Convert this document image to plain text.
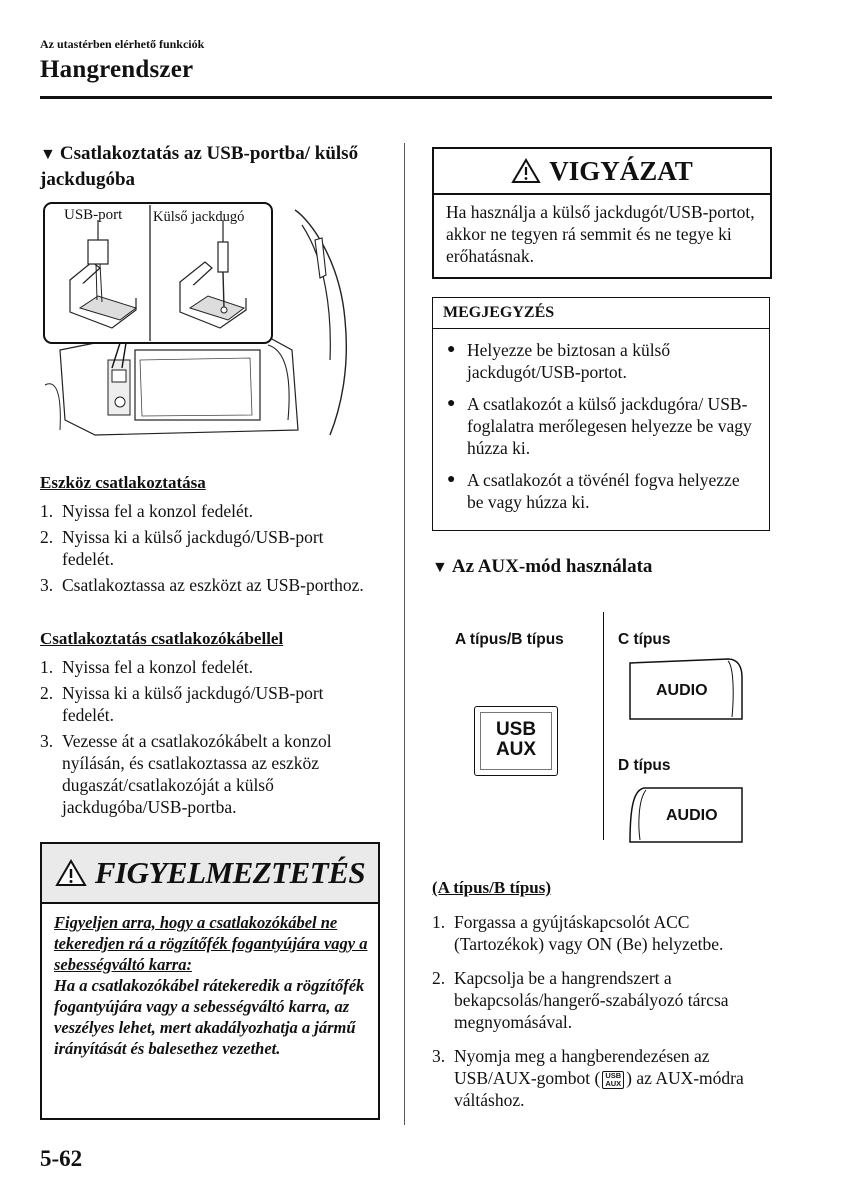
Az utastérben elérhető funkciók
Hangrendszer
▼ Csatlakoztatás az USB-portba/ külső jackdugóba
USB-port Külső jackdugó
Eszköz csatlakoztatása
1. Nyissa fel a konzol fedelét.
2. Nyissa ki a külső jackdugó/USB-port fedelét.
3. Csatlakoztassa az eszközt az USB-porthoz.
Csatlakoztatás csatlakozókábellel
1. Nyissa fel a konzol fedelét.
2. Nyissa ki a külső jackdugó/USB-port fedelét.
3. Vezesse át a csatlakozókábelt a konzol nyílásán, és csatlakoztassa az eszköz dugaszát/csatlakozóját a külső jackdugóba/USB-portba.
FIGYELMEZTETÉS
Figyeljen arra, hogy a csatlakozókábel ne tekeredjen rá a rögzítőfék fogantyújára vagy a sebességváltó karra:
Ha a csatlakozókábel rátekeredik a rögzítőfék fogantyújára vagy a sebességváltó karra, az veszélyes lehet, mert akadályozhatja a jármű irányítását és balesethez vezethet.
VIGYÁZAT
Ha használja a külső jackdugót/USB-portot, akkor ne tegyen rá semmit és ne tegye ki erőhatásnak.
MEGJEGYZÉS
● Helyezze be biztosan a külső jackdugót/USB-portot.
● A csatlakozót a külső jackdugóra/ USB-foglalatra merőlegesen helyezze be vagy húzza ki.
● A csatlakozót a tövénél fogva helyezze be vagy húzza ki.
▼ Az AUX-mód használata
A típus/B típus	C típus
D típus
USB
AUX
AUDIO
AUDIO
(A típus/B típus)
1. Forgassa a gyújtáskapcsolót ACC (Tartozékok) vagy ON (Be) helyzetbe.
2. Kapcsolja be a hangrendszert a bekapcsolás/hangerő-szabályozó tárcsa megnyomásával.
3. Nyomja meg a hangberendezésen az USB/AUX-gombot ( USB
AUX ) az AUX-módra váltáshoz.
5-62
